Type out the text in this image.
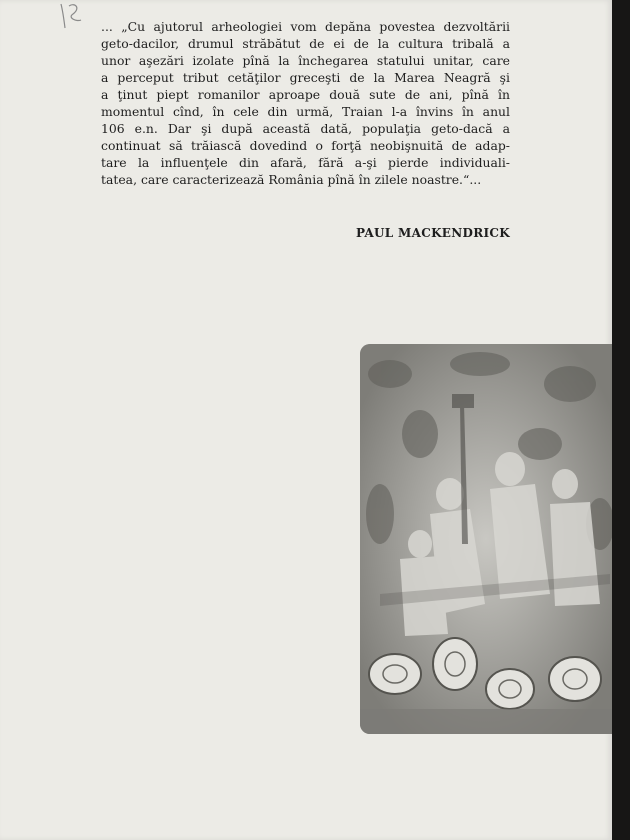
... „Cu ajutorul arheologiei vom depăna povestea dezvoltării
geto-dacilor, drumul străbătut de ei de la cultura tribală a
unor aşezări izolate pînă la închegarea statului unitar, care
a perceput tribut cetăţilor greceşti de la Marea Neagră şi
a ţinut piept romanilor aproape două sute de ani, pînă în
momentul cînd, în cele din urmă, Traian l-a învins în anul
106 e.n. Dar şi după această dată, populaţia geto-dacă a
continuat să trăiască dovedind o forţă neobişnuită de adap-
tare la influenţele din afară, fără a-şi pierde individuali-
tatea, care caracterizează România pînă în zilele noastre.“...
PAUL MACKENDRICK
